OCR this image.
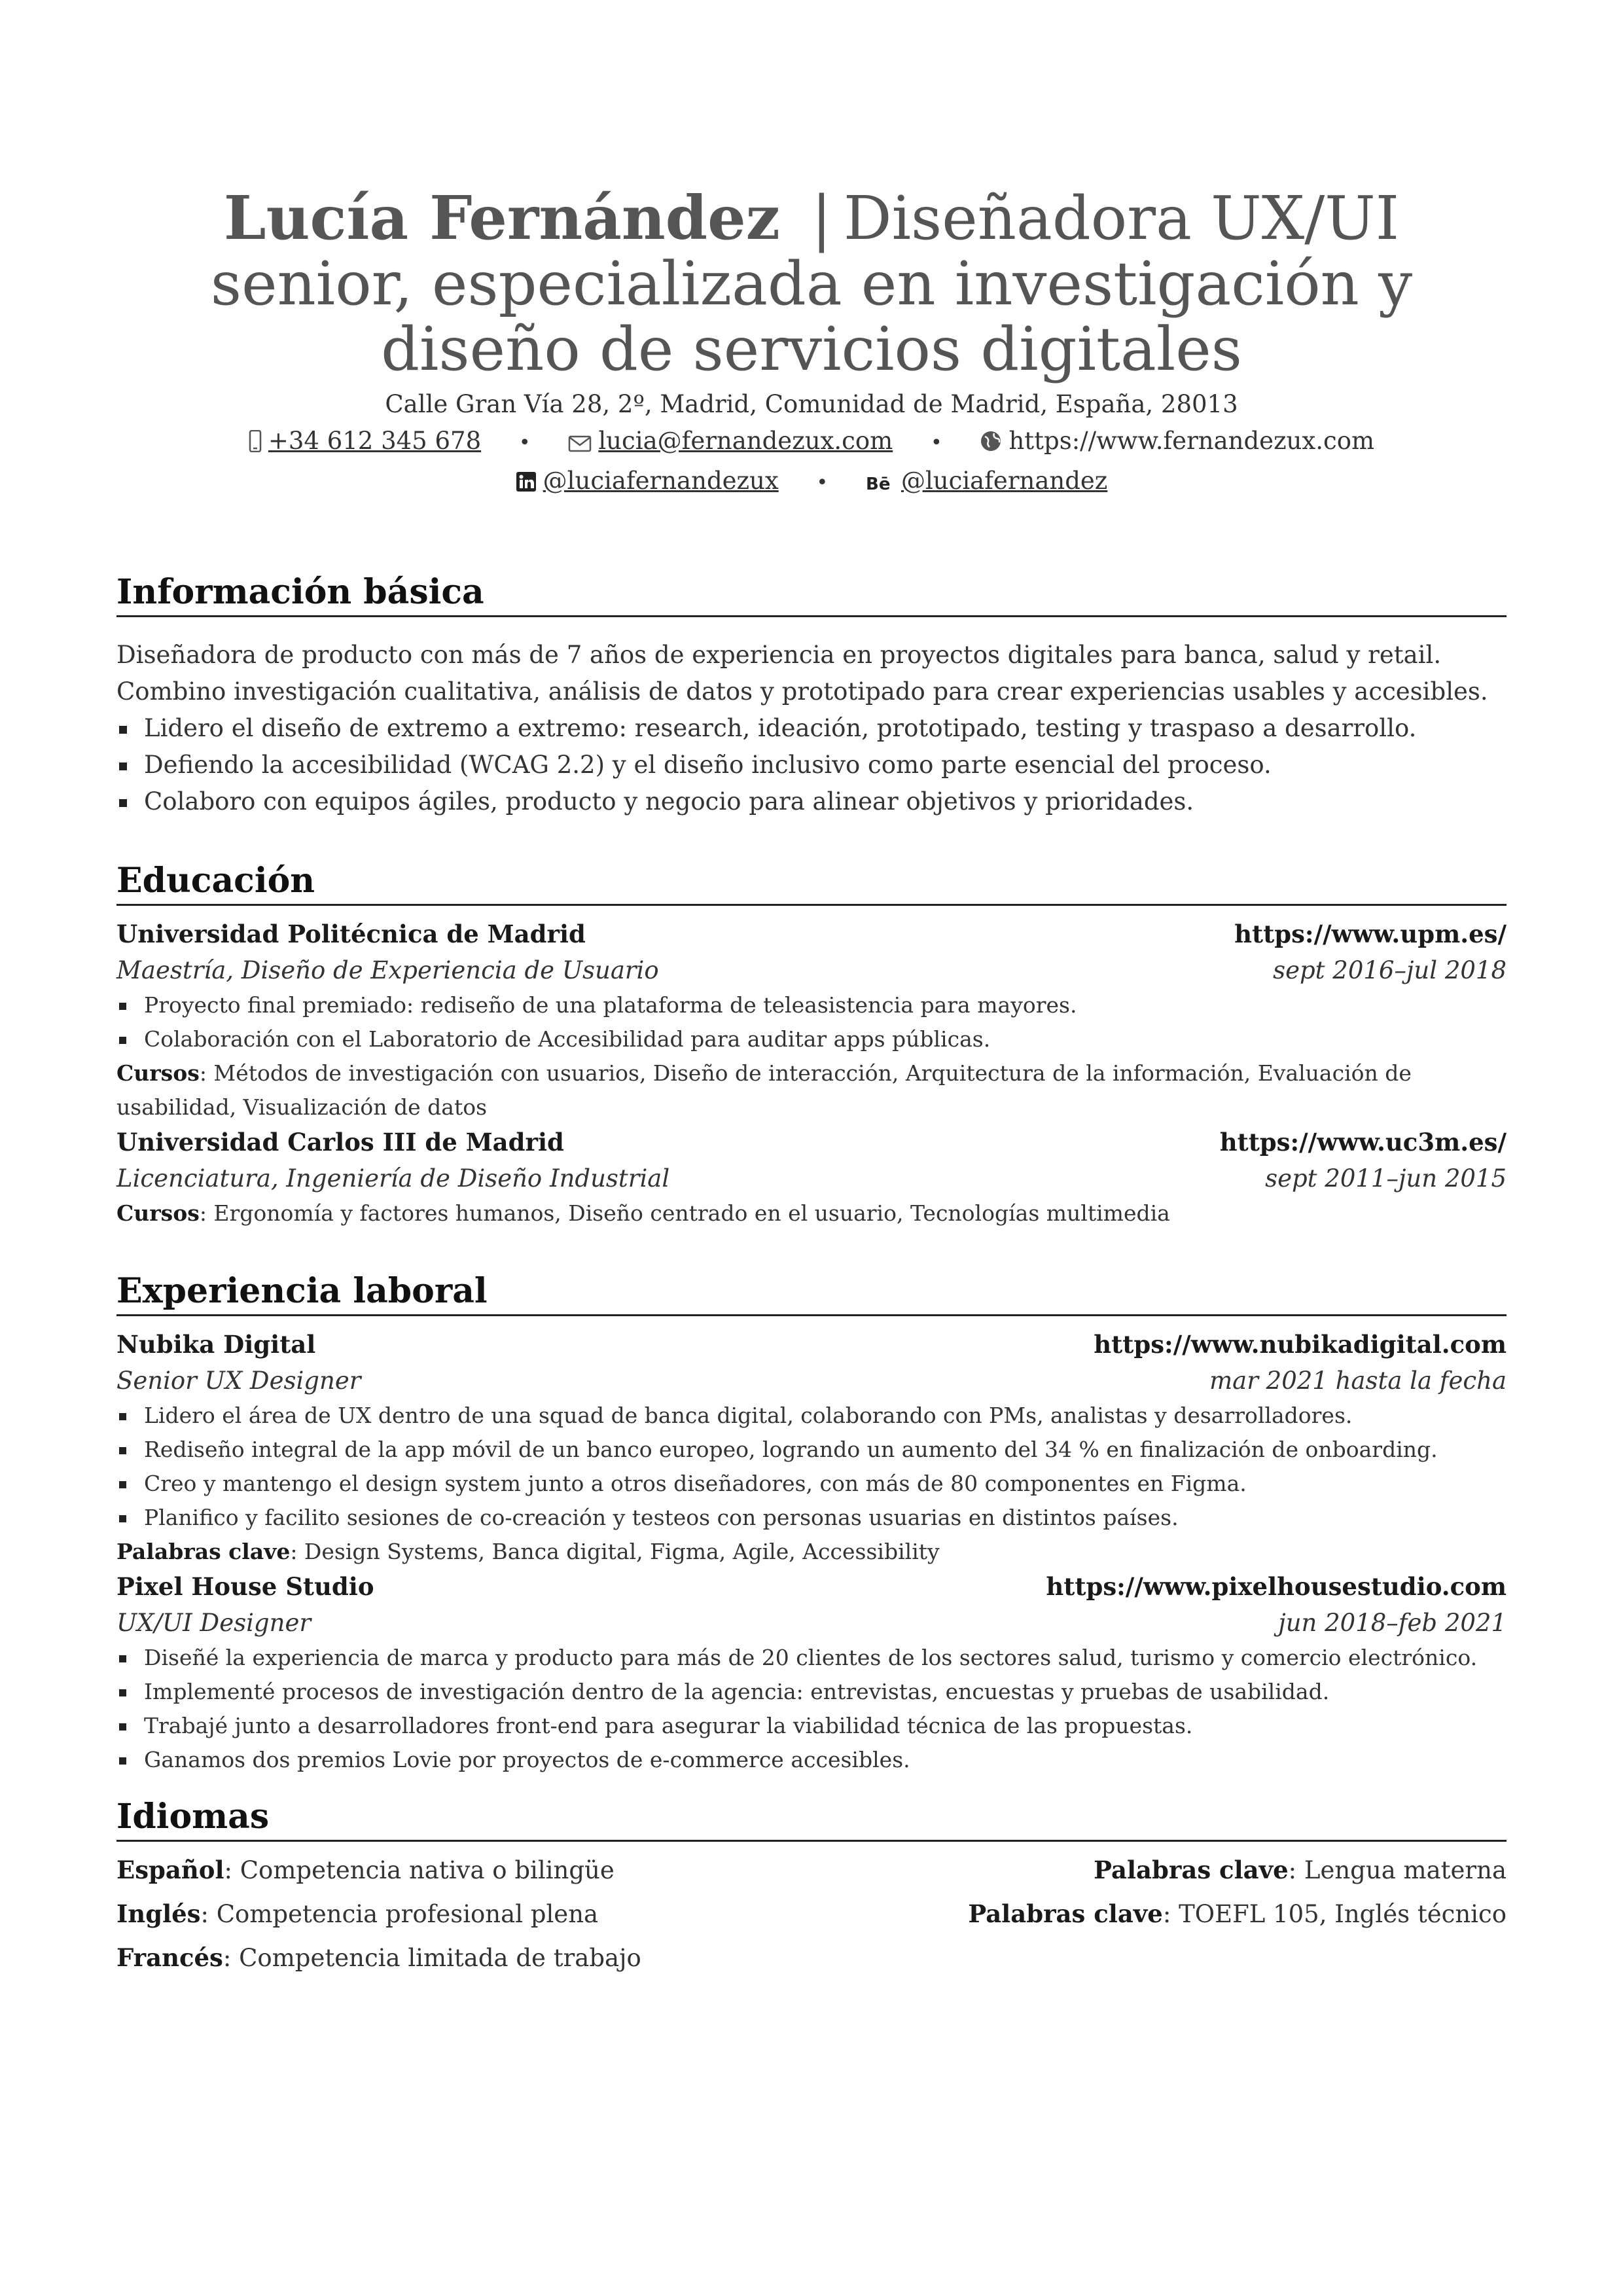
Lucía Fernández | Diseñadora UX/UI
senior, especializada en investigación y
diseño de servicios digitales
Calle Gran Vía 28, 2º, Madrid, Comunidad de Madrid, España, 28013
+34 612 345 678 •	lucia@fernandezux.com •	https://www.fernandezux.com
@luciafernandezux • Bē @luciafernandez
Información básica
Diseñadora de producto con más de 7 años de experiencia en proyectos digitales para banca, salud y retail. Combino investigación cualitativa, análisis de datos y prototipado para crear experiencias usables y accesibles.
Lidero el diseño de extremo a extremo: research, ideación, prototipado, testing y traspaso a desarrollo.
Defiendo la accesibilidad (WCAG 2.2) y el diseño inclusivo como parte esencial del proceso.
Colaboro con equipos ágiles, producto y negocio para alinear objetivos y prioridades.
Educación
Universidad Politécnica de Madrid	https://www.upm.es/
Maestría, Diseño de Experiencia de Usuario	sept 2016–jul 2018
Proyecto final premiado: rediseño de una plataforma de teleasistencia para mayores.
Colaboración con el Laboratorio de Accesibilidad para auditar apps públicas.
Cursos: Métodos de investigación con usuarios, Diseño de interacción, Arquitectura de la información, Evaluación de usabilidad, Visualización de datos
Universidad Carlos III de Madrid	https://www.uc3m.es/
Licenciatura, Ingeniería de Diseño Industrial	sept 2011–jun 2015
Cursos: Ergonomía y factores humanos, Diseño centrado en el usuario, Tecnologías multimedia
Experiencia laboral
Nubika Digital	https://www.nubikadigital.com
Senior UX Designer	mar 2021 hasta la fecha
Lidero el área de UX dentro de una squad de banca digital, colaborando con PMs, analistas y desarrolladores.
Rediseño integral de la app móvil de un banco europeo, logrando un aumento del 34 % en finalización de onboarding.
Creo y mantengo el design system junto a otros diseñadores, con más de 80 componentes en Figma.
Planifico y facilito sesiones de co-creación y testeos con personas usuarias en distintos países.
Palabras clave: Design Systems, Banca digital, Figma, Agile, Accessibility
Pixel House Studio	https://www.pixelhousestudio.com
UX/UI Designer	jun 2018–feb 2021
Diseñé la experiencia de marca y producto para más de 20 clientes de los sectores salud, turismo y comercio electrónico.
Implementé procesos de investigación dentro de la agencia: entrevistas, encuestas y pruebas de usabilidad.
Trabajé junto a desarrolladores front-end para asegurar la viabilidad técnica de las propuestas.
Ganamos dos premios Lovie por proyectos de e-commerce accesibles.
Idiomas
Español: Competencia nativa o bilingüe	Palabras clave: Lengua materna
Inglés: Competencia profesional plena	Palabras clave: TOEFL 105, Inglés técnico
Francés: Competencia limitada de trabajo
